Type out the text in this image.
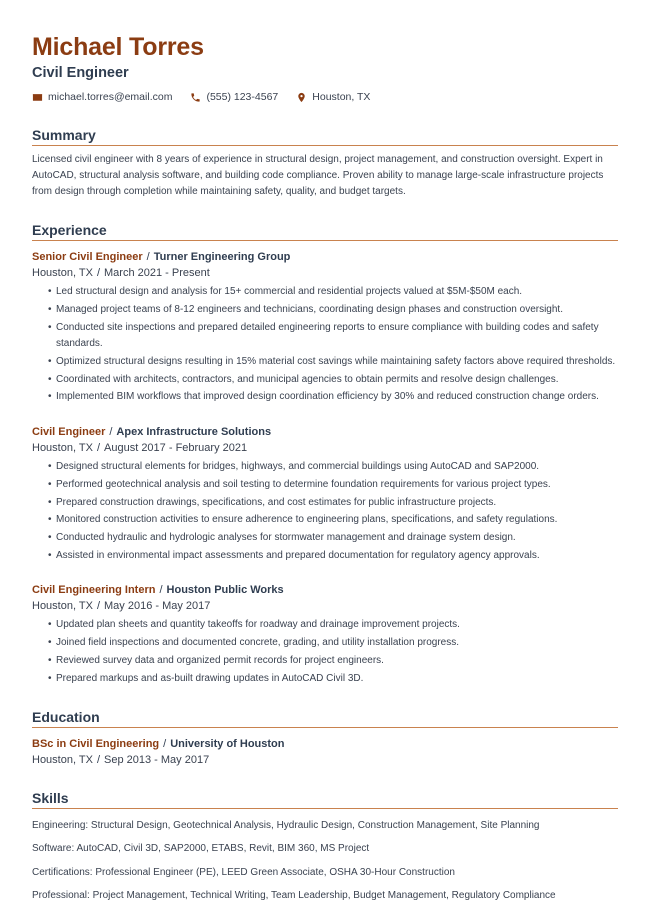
Michael Torres
Civil Engineer
michael.torres@email.com	(555) 123-4567	Houston, TX
Summary
Licensed civil engineer with 8 years of experience in structural design, project management, and construction oversight. Expert in AutoCAD, structural analysis software, and building code compliance. Proven ability to manage large-scale infrastructure projects from design through completion while maintaining safety, quality, and budget targets.
Experience
Senior Civil Engineer / Turner Engineering Group
Houston, TX / March 2021 - Present
• Led structural design and analysis for 15+ commercial and residential projects valued at $5M-$50M each.
• Managed project teams of 8-12 engineers and technicians, coordinating design phases and construction oversight.
• Conducted site inspections and prepared detailed engineering reports to ensure compliance with building codes and safety standards.
• Optimized structural designs resulting in 15% material cost savings while maintaining safety factors above required thresholds.
• Coordinated with architects, contractors, and municipal agencies to obtain permits and resolve design challenges.
• Implemented BIM workflows that improved design coordination efficiency by 30% and reduced construction change orders.
Civil Engineer / Apex Infrastructure Solutions
Houston, TX / August 2017 - February 2021
• Designed structural elements for bridges, highways, and commercial buildings using AutoCAD and SAP2000.
• Performed geotechnical analysis and soil testing to determine foundation requirements for various project types.
• Prepared construction drawings, specifications, and cost estimates for public infrastructure projects.
• Monitored construction activities to ensure adherence to engineering plans, specifications, and safety regulations.
• Conducted hydraulic and hydrologic analyses for stormwater management and drainage system design.
• Assisted in environmental impact assessments and prepared documentation for regulatory agency approvals.
Civil Engineering Intern / Houston Public Works
Houston, TX / May 2016 - May 2017
• Updated plan sheets and quantity takeoffs for roadway and drainage improvement projects.
• Joined field inspections and documented concrete, grading, and utility installation progress.
• Reviewed survey data and organized permit records for project engineers.
• Prepared markups and as-built drawing updates in AutoCAD Civil 3D.
Education
BSc in Civil Engineering / University of Houston
Houston, TX / Sep 2013 - May 2017
Skills
Engineering: Structural Design, Geotechnical Analysis, Hydraulic Design, Construction Management, Site Planning
Software: AutoCAD, Civil 3D, SAP2000, ETABS, Revit, BIM 360, MS Project
Certifications: Professional Engineer (PE), LEED Green Associate, OSHA 30-Hour Construction
Professional: Project Management, Technical Writing, Team Leadership, Budget Management, Regulatory Compliance
